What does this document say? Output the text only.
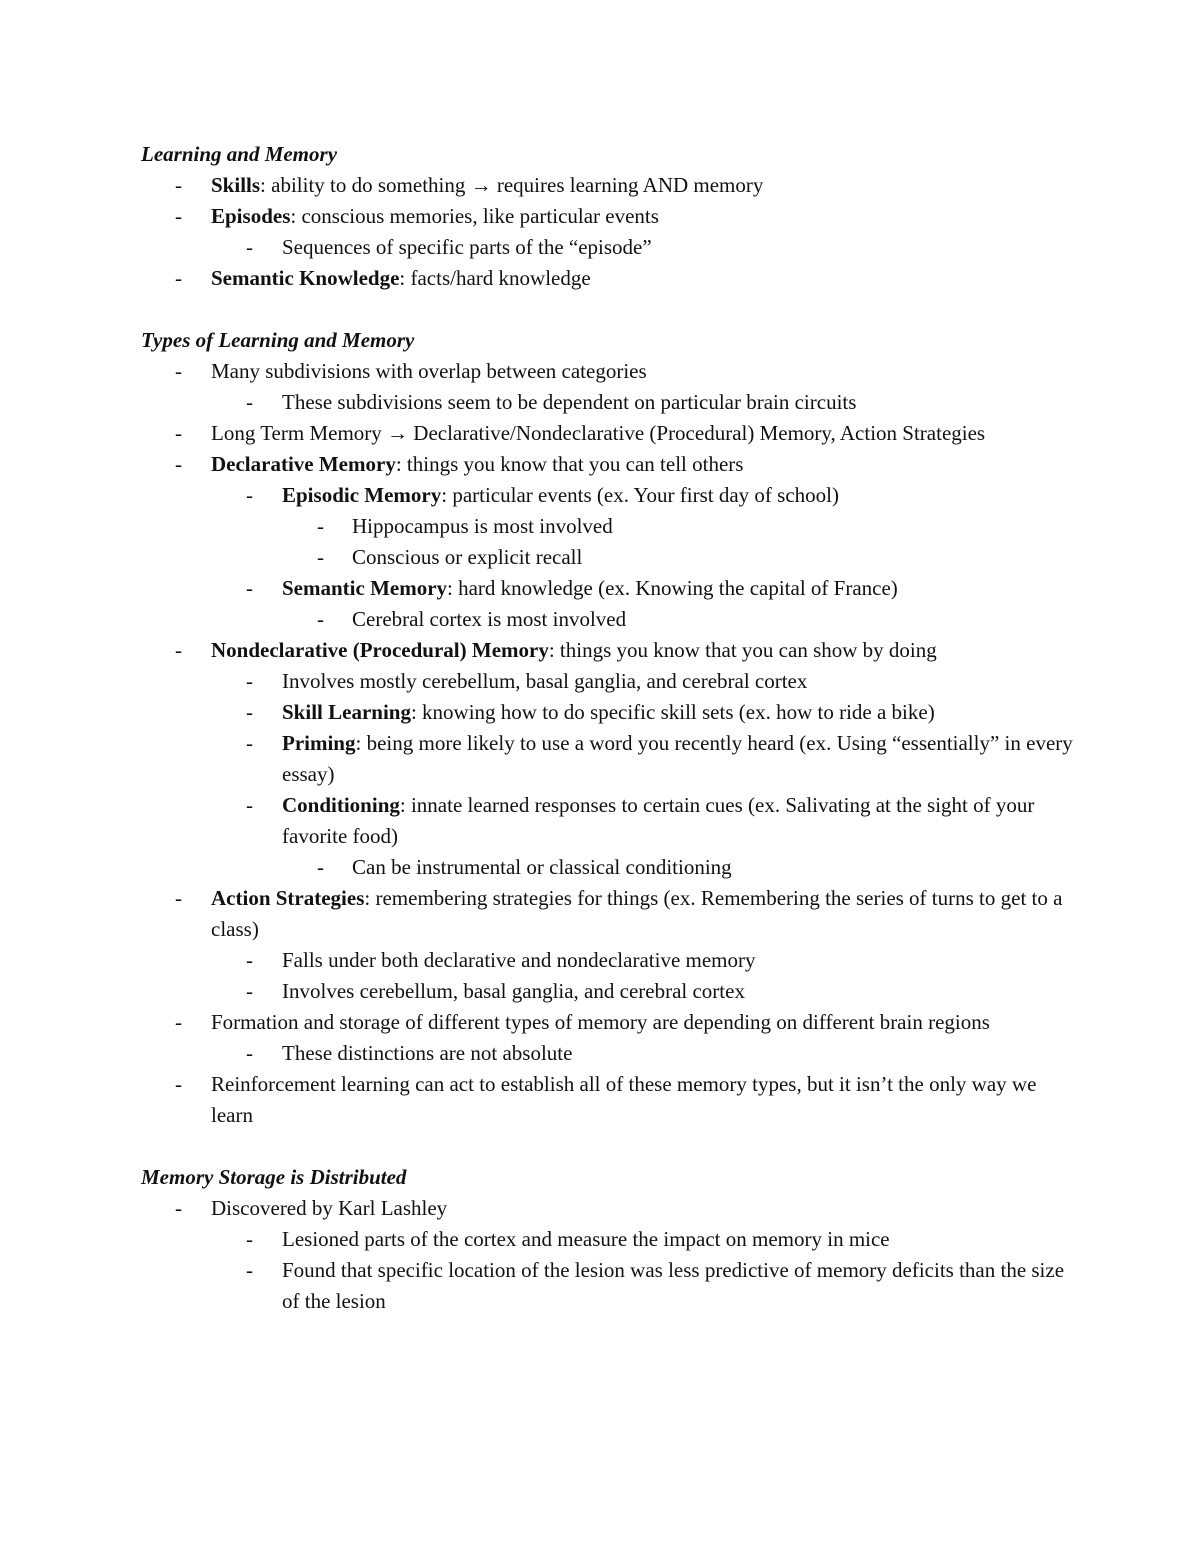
Learning and Memory
- Skills: ability to do something → requires learning AND memory
- Episodes: conscious memories, like particular events
- Sequences of specific parts of the “episode”
- Semantic Knowledge: facts/hard knowledge
Types of Learning and Memory
- Many subdivisions with overlap between categories
- These subdivisions seem to be dependent on particular brain circuits
- Long Term Memory → Declarative/Nondeclarative (Procedural) Memory, Action Strategies
- Declarative Memory: things you know that you can tell others
- Episodic Memory: particular events (ex. Your first day of school)
- Hippocampus is most involved
- Conscious or explicit recall
- Semantic Memory: hard knowledge (ex. Knowing the capital of France)
- Cerebral cortex is most involved
- Nondeclarative (Procedural) Memory: things you know that you can show by doing
- Involves mostly cerebellum, basal ganglia, and cerebral cortex
- Skill Learning: knowing how to do specific skill sets (ex. how to ride a bike)
- Priming: being more likely to use a word you recently heard (ex. Using “essentially” in every essay)
- Conditioning: innate learned responses to certain cues (ex. Salivating at the sight of your favorite food)
- Can be instrumental or classical conditioning
- Action Strategies: remembering strategies for things (ex. Remembering the series of turns to get to a class)
- Falls under both declarative and nondeclarative memory
- Involves cerebellum, basal ganglia, and cerebral cortex
- Formation and storage of different types of memory are depending on different brain regions
- These distinctions are not absolute
- Reinforcement learning can act to establish all of these memory types, but it isn’t the only way we learn
Memory Storage is Distributed
- Discovered by Karl Lashley
- Lesioned parts of the cortex and measure the impact on memory in mice
- Found that specific location of the lesion was less predictive of memory deficits than the size of the lesion
